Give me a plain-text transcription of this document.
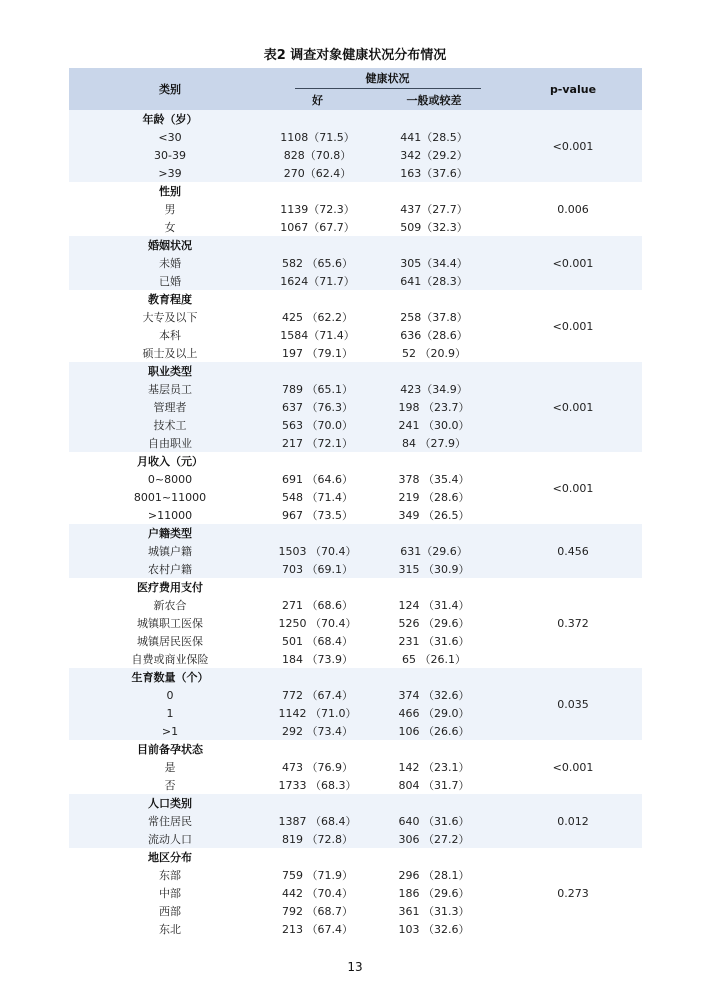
表2 调查对象健康状况分布情况
类别	健康状况		p-value
	好	一般或较差	
年龄（岁）			<0.001
<30	1108（71.5）	441（28.5）	
30-39	828（70.8）	342（29.2）	
>39	270（62.4）	163（37.6）	
性别			0.006
男	1139（72.3）	437（27.7）	
女	1067（67.7）	509（32.3）	
婚姻状况			<0.001
未婚	582 （65.6）	305（34.4）	
已婚	1624（71.7）	641（28.3）	
教育程度			<0.001
大专及以下	425 （62.2）	258（37.8）	
本科	1584（71.4）	636（28.6）	
硕士及以上	197 （79.1）	52 （20.9）	
职业类型			<0.001
基层员工	789 （65.1）	423（34.9）	
管理者	637 （76.3）	198 （23.7）	
技术工	563 （70.0）	241 （30.0）	
自由职业	217 （72.1）	84 （27.9）	
月收入（元）			<0.001
0~8000	691 （64.6）	378 （35.4）	
8001~11000	548 （71.4）	219 （28.6）	
>11000	967 （73.5）	349 （26.5）	
户籍类型			0.456
城镇户籍	1503 （70.4）	631（29.6）	
农村户籍	703 （69.1）	315 （30.9）	
医疗费用支付			0.372
新农合	271 （68.6）	124 （31.4）	
城镇职工医保	1250 （70.4）	526 （29.6）	
城镇居民医保	501 （68.4）	231 （31.6）	
自费或商业保险	184 （73.9）	65 （26.1）	
生育数量（个）			0.035
0	772 （67.4）	374 （32.6）	
1	1142 （71.0）	466 （29.0）	
>1	292 （73.4）	106 （26.6）	
目前备孕状态			<0.001
是	473 （76.9）	142 （23.1）	
否	1733 （68.3）	804 （31.7）	
人口类别			0.012
常住居民	1387 （68.4）	640 （31.6）	
流动人口	819 （72.8）	306 （27.2）	
地区分布			0.273
东部	759 （71.9）	296 （28.1）	
中部	442 （70.4）	186 （29.6）	
西部	792 （68.7）	361 （31.3）	
东北	213 （67.4）	103 （32.6）	
13
